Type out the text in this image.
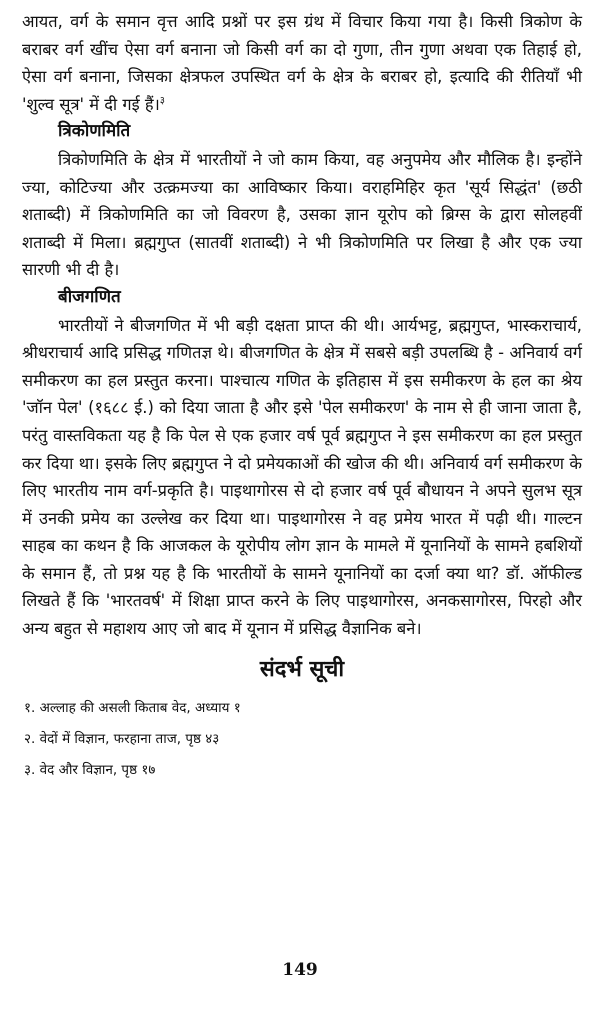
आयत, वर्ग के समान वृत्त आदि प्रश्नों पर इस ग्रंथ में विचार किया गया है। किसी त्रिकोण के बराबर वर्ग खींच ऐसा वर्ग बनाना जो किसी वर्ग का दो गुणा, तीन गुणा अथवा एक तिहाई हो, ऐसा वर्ग बनाना, जिसका क्षेत्रफल उपस्थित वर्ग के क्षेत्र के बराबर हो, इत्यादि की रीतियाँ भी 'शुल्व सूत्र' में दी गई हैं।$^३$

त्रिकोणमिति

त्रिकोणमिति के क्षेत्र में भारतीयों ने जो काम किया, वह अनुपमेय और मौलिक है। इन्होंने ज्या, कोटिज्या और उत्क्रमज्या का आविष्कार किया। वराहमिहिर कृत 'सूर्य सिद्धंत' (छठी शताब्दी) में त्रिकोणमिति का जो विवरण है, उसका ज्ञान यूरोप को ब्रिग्स के द्वारा सोलहवीं शताब्दी में मिला। ब्रह्मगुप्त (सातवीं शताब्दी) ने भी त्रिकोणमिति पर लिखा है और एक ज्या सारणी भी दी है।

बीजगणित

भारतीयों ने बीजगणित में भी बड़ी दक्षता प्राप्त की थी। आर्यभट्ट, ब्रह्मगुप्त, भास्कराचार्य, श्रीधराचार्य आदि प्रसिद्ध गणितज्ञ थे। बीजगणित के क्षेत्र में सबसे बड़ी उपलब्धि है - अनिवार्य वर्ग समीकरण का हल प्रस्तुत करना। पाश्चात्य गणित के इतिहास में इस समीकरण के हल का श्रेय 'जॉन पेल' (१६८८ ई.) को दिया जाता है और इसे 'पेल समीकरण' के नाम से ही जाना जाता है, परंतु वास्तविकता यह है कि पेल से एक हजार वर्ष पूर्व ब्रह्मगुप्त ने इस समीकरण का हल प्रस्तुत कर दिया था। इसके लिए ब्रह्मगुप्त ने दो प्रमेयकाओं की खोज की थी। अनिवार्य वर्ग समीकरण के लिए भारतीय नाम वर्ग-प्रकृति है। पाइथागोरस से दो हजार वर्ष पूर्व बौधायन ने अपने सुलभ सूत्र में उनकी प्रमेय का उल्लेख कर दिया था। पाइथागोरस ने वह प्रमेय भारत में पढ़ी थी। गाल्टन साहब का कथन है कि आजकल के यूरोपीय लोग ज्ञान के मामले में यूनानियों के सामने हबशियों के समान हैं, तो प्रश्न यह है कि भारतीयों के सामने यूनानियों का दर्जा क्या था? डॉ. ऑफील्ड लिखते हैं कि 'भारतवर्ष' में शिक्षा प्राप्त करने के लिए पाइथागोरस, अनकसागोरस, पिरहो और अन्य बहुत से महाशय आए जो बाद में यूनान में प्रसिद्ध वैज्ञानिक बने।

संदर्भ सूची
१. अल्लाह की असली किताब वेद, अध्याय १
२. वेदों में विज्ञान, फरहाना ताज, पृष्ठ ४३
३. वेद और विज्ञान, पृष्ठ १७
149
